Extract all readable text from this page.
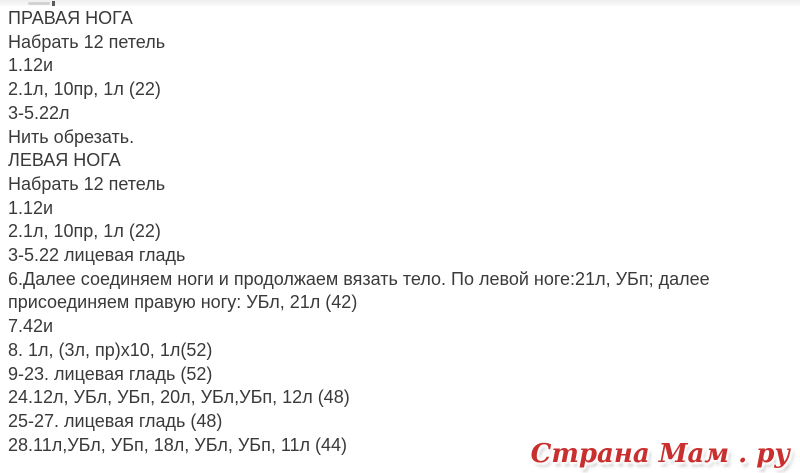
ПРАВАЯ НОГА
Набрать 12 петель
1.12и
2.1л, 10пр, 1л (22)
3-5.22л
Нить обрезать.
ЛЕВАЯ НОГА
Набрать 12 петель
1.12и
2.1л, 10пр, 1л (22)
3-5.22 лицевая гладь
6.Далее соединяем ноги и продолжаем вязать тело. По левой ноге:21л, УБп; далее
присоединяем правую ногу: УБл, 21л (42)
7.42и
8. 1л, (3л, пр)х10, 1л(52)
9-23. лицевая гладь (52)
24.12л, УБл, УБп, 20л, УБл,УБп, 12л (48)
25-27. лицевая гладь (48)
28.11л,УБл, УБп, 18л, УБл, УБп, 11л (44)	Страна Мам . ру
